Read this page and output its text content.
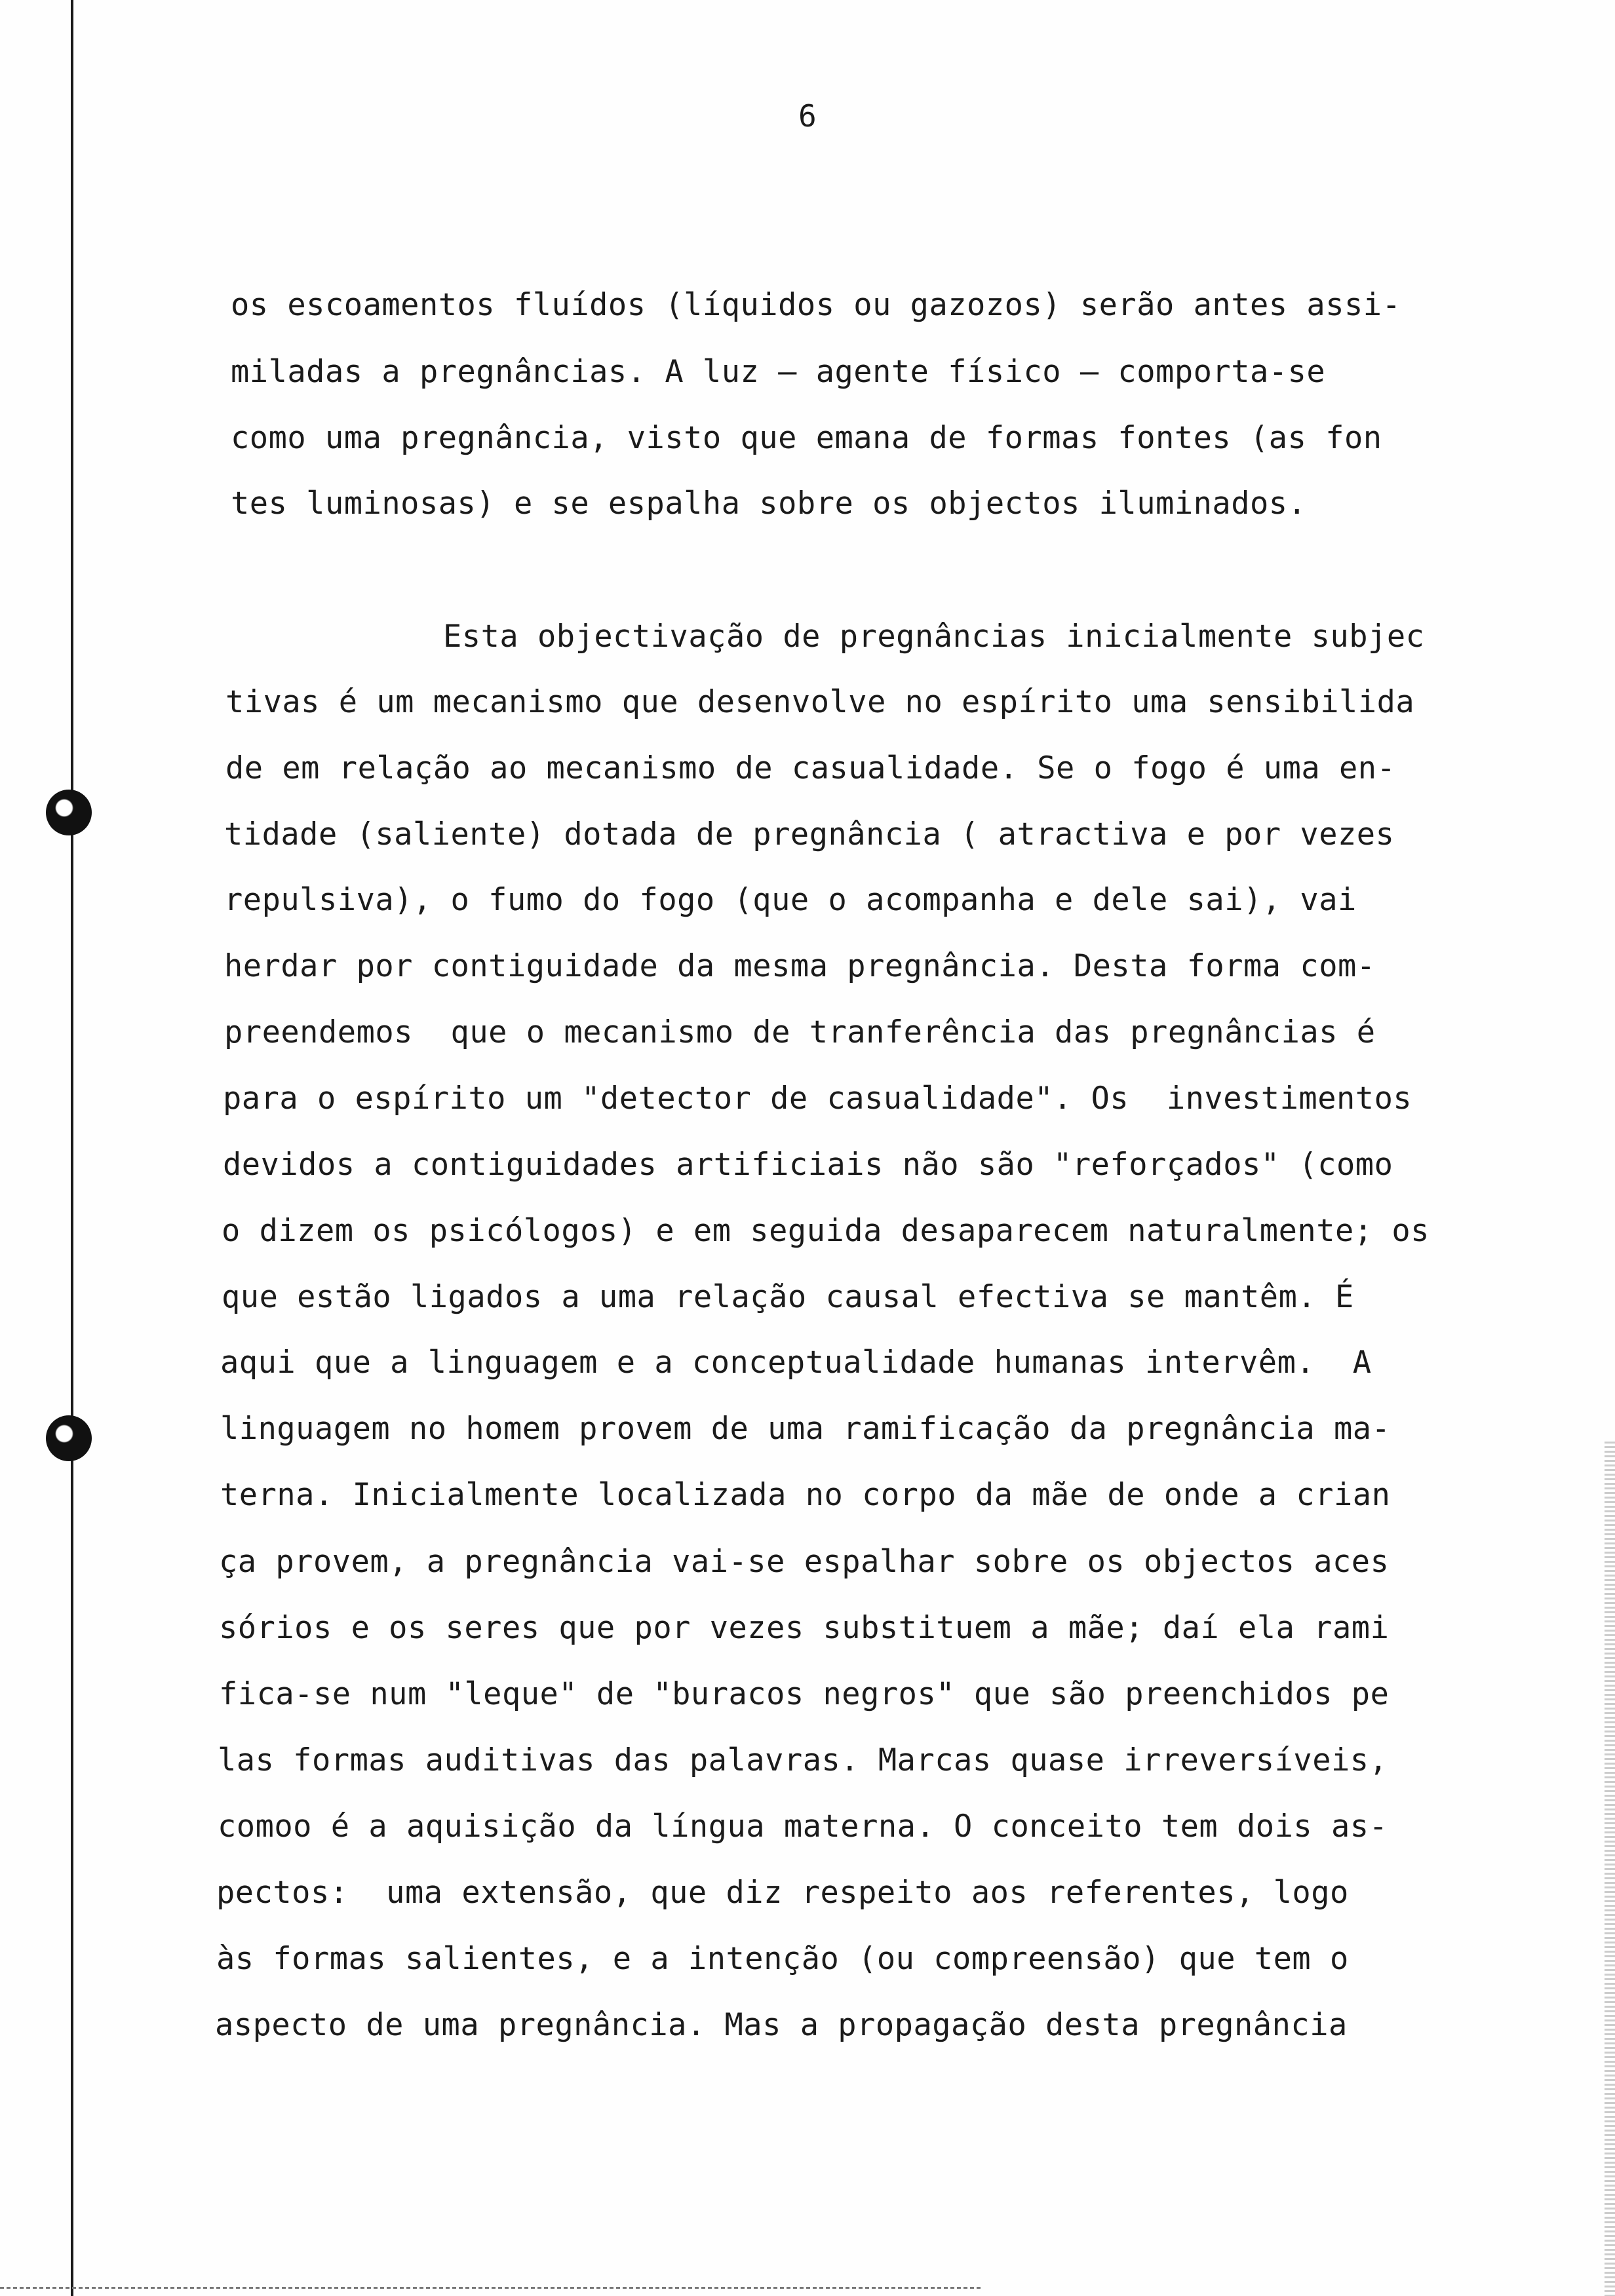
6
os escoamentos fluídos (líquidos ou gazozos) serão antes assi-
miladas a pregnâncias. A luz — agente físico — comporta-se
como uma pregnância, visto que emana de formas fontes (as fon
tes luminosas) e se espalha sobre os objectos iluminados.
Esta objectivação de pregnâncias inicialmente subjec
tivas é um mecanismo que desenvolve no espírito uma sensibilida
de em relação ao mecanismo de casualidade. Se o fogo é uma en-
tidade (saliente) dotada de pregnância ( atractiva e por vezes
repulsiva), o fumo do fogo (que o acompanha e dele sai), vai
herdar por contiguidade da mesma pregnância. Desta forma com-
preendemos  que o mecanismo de tranferência das pregnâncias é
para o espírito um "detector de casualidade". Os  investimentos
devidos a contiguidades artificiais não são "reforçados" (como
o dizem os psicólogos) e em seguida desaparecem naturalmente; os
que estão ligados a uma relação causal efectiva se mantêm. É
aqui que a linguagem e a conceptualidade humanas intervêm.  A
linguagem no homem provem de uma ramificação da pregnância ma-
terna. Inicialmente localizada no corpo da mãe de onde a crian
ça provem, a pregnância vai-se espalhar sobre os objectos aces
sórios e os seres que por vezes substituem a mãe; daí ela rami
fica-se num "leque" de "buracos negros" que são preenchidos pe
las formas auditivas das palavras. Marcas quase irreversíveis,
comoo é a aquisição da língua materna. O conceito tem dois as-
pectos:  uma extensão, que diz respeito aos referentes, logo
às formas salientes, e a intenção (ou compreensão) que tem o
aspecto de uma pregnância. Mas a propagação desta pregnância
